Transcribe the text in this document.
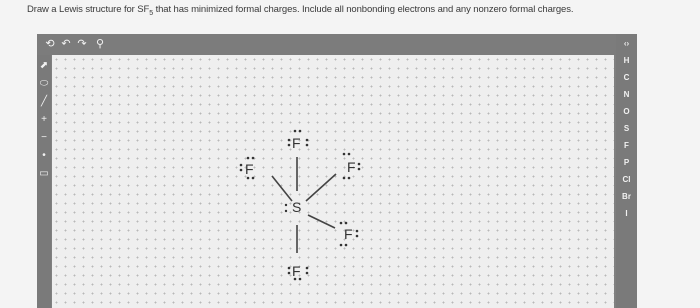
Draw a Lewis structure for $SF_5$ that has minimized formal charges. Include all nonbonding electrons and any nonzero formal charges.
⟲ ↶ ↷ ⚲
⬈
⬭
╱
+
−
•
▭
F
F	F
S
F
F
‹›
H
C
N
O
S
F
P
Cl
Br
I
